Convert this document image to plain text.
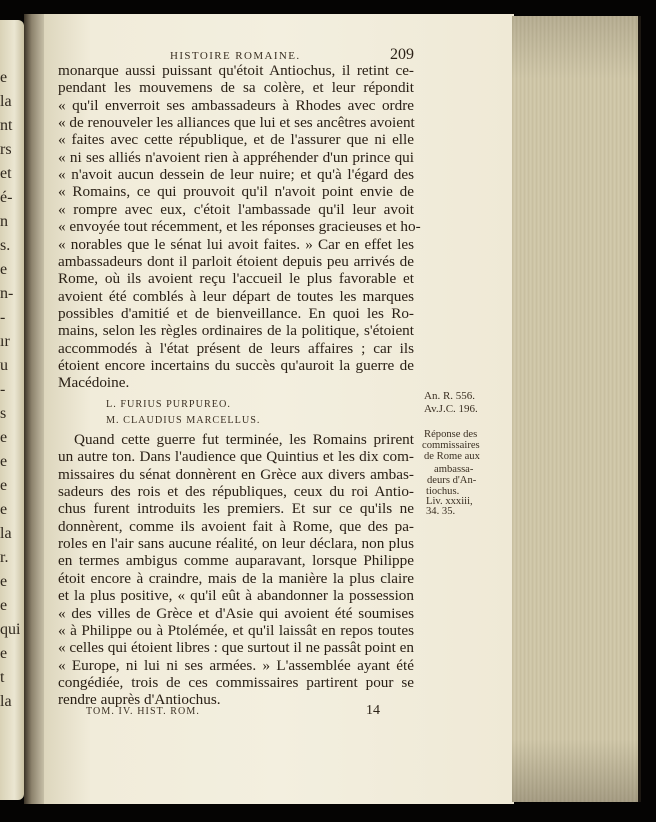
e
la
nt
rs
et
é-
n
s.
e
n-
-
ır
u
-
s
e
e
e
e
la
r.
e
e
qui
e
t
la
HISTOIRE ROMAINE.	209
monarque aussi puissant qu'étoit Antiochus, il retint ce-
pendant les mouvemens de sa colère, et leur répondit
« qu'il enverroit ses ambassadeurs à Rhodes avec ordre
« de renouveler les alliances que lui et ses ancêtres avoient
« faites avec cette république, et de l'assurer que ni elle
« ni ses alliés n'avoient rien à appréhender d'un prince qui
« n'avoit aucun dessein de leur nuire; et qu'à l'égard des
« Romains, ce qui prouvoit qu'il n'avoit point envie de
« rompre avec eux, c'étoit l'ambassade qu'il leur avoit
« envoyée tout récemment, et les réponses gracieuses et ho-
« norables que le sénat lui avoit faites. » Car en effet les
ambassadeurs dont il parloit étoient depuis peu arrivés de
Rome, où ils avoient reçu l'accueil le plus favorable et
avoient été comblés à leur départ de toutes les marques
possibles d'amitié et de bienveillance. En quoi les Ro-
mains, selon les règles ordinaires de la politique, s'étoient
accommodés à l'état présent de leurs affaires ; car ils
étoient encore incertains du succès qu'auroit la guerre de
Macédoine.
L. FURIUS PURPUREO.
M. CLAUDIUS MARCELLUS.
An. R. 556.
Av.J.C. 196.
Réponse des
commissaires
de Rome aux
ambassa-
deurs d'An-
tiochus.
Liv. xxxiii,
34. 35.
Quand cette guerre fut terminée, les Romains prirent
un autre ton. Dans l'audience que Quintius et les dix com-
missaires du sénat donnèrent en Grèce aux divers ambas-
sadeurs des rois et des républiques, ceux du roi Antio-
chus furent introduits les premiers. Et sur ce qu'ils ne
donnèrent, comme ils avoient fait à Rome, que des pa-
roles en l'air sans aucune réalité, on leur déclara, non plus
en termes ambigus comme auparavant, lorsque Philippe
étoit encore à craindre, mais de la manière la plus claire
et la plus positive, « qu'il eût à abandonner la possession
« des villes de Grèce et d'Asie qui avoient été soumises
« à Philippe ou à Ptolémée, et qu'il laissât en repos toutes
« celles qui étoient libres : que surtout il ne passât point en
« Europe, ni lui ni ses armées. » L'assemblée ayant été
congédiée, trois de ces commissaires partirent pour se
rendre auprès d'Antiochus.
TOM. IV. HIST. ROM.	14
